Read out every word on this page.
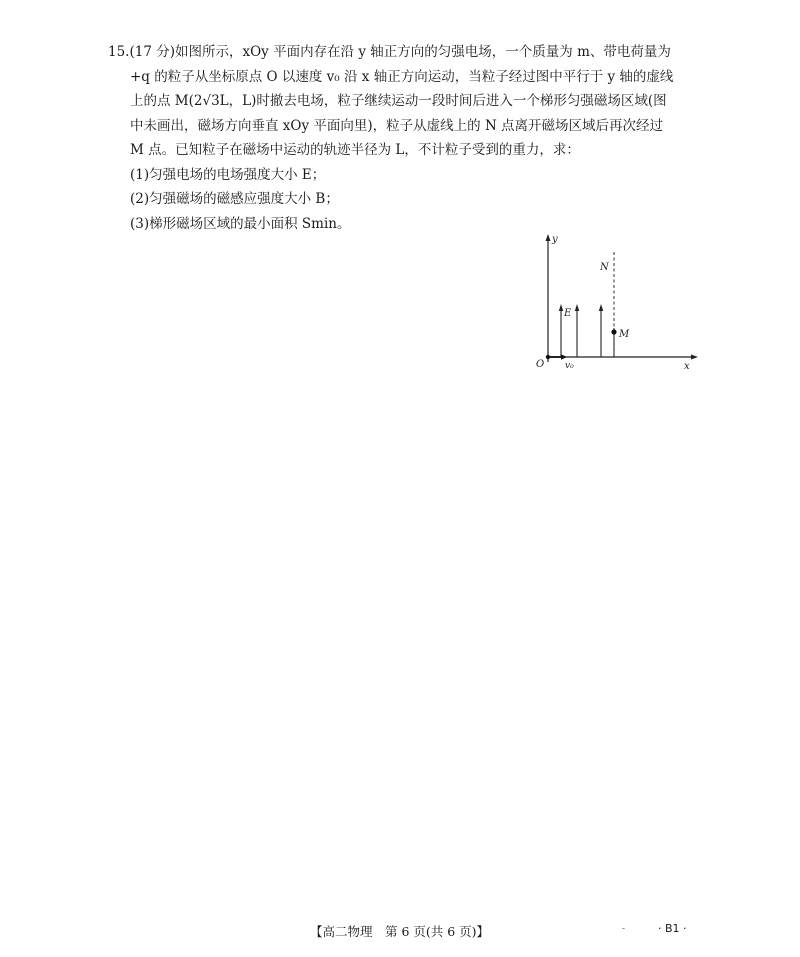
15.(17 分)如图所示，xOy 平面内存在沿 y 轴正方向的匀强电场，一个质量为 m、带电荷量为
+q 的粒子从坐标原点 O 以速度 v₀ 沿 x 轴正方向运动，当粒子经过图中平行于 y 轴的虚线
上的点 M(2√3L，L)时撤去电场，粒子继续运动一段时间后进入一个梯形匀强磁场区域(图
中未画出，磁场方向垂直 xOy 平面向里)，粒子从虚线上的 N 点离开磁场区域后再次经过
M 点。已知粒子在磁场中运动的轨迹半径为 L，不计粒子受到的重力，求：
(1)匀强电场的电场强度大小 E；
(2)匀强磁场的磁感应强度大小 B；
(3)梯形磁场区域的最小面积 Smin。
y
x
O v₀
E
N
M
【高二物理　第 6 页(共 6 页)】	-	· B1 ·
